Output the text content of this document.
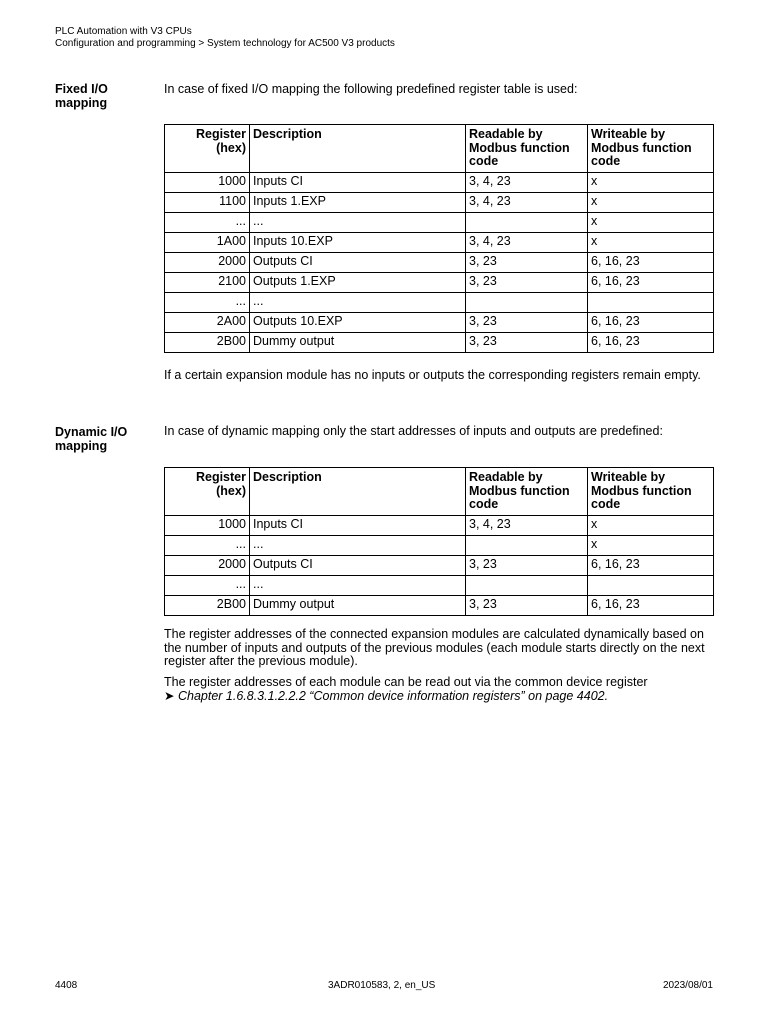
PLC Automation with V3 CPUs
Configuration and programming > System technology for AC500 V3 products
Fixed I/O
mapping

In case of fixed I/O mapping the following predefined register table is used:

Register
(hex)	Description	Readable by
Modbus function
code	Writeable by
Modbus function
code
1000	Inputs CI	3, 4, 23	x
1100	Inputs 1.EXP	3, 4, 23	x
...	...		x
1A00	Inputs 10.EXP	3, 4, 23	x
2000	Outputs CI	3, 23	6, 16, 23
2100	Outputs 1.EXP	3, 23	6, 16, 23
...	...		
2A00	Outputs 10.EXP	3, 23	6, 16, 23
2B00	Dummy output	3, 23	6, 16, 23

If a certain expansion module has no inputs or outputs the corresponding registers remain empty.

Dynamic I/O
mapping

In case of dynamic mapping only the start addresses of inputs and outputs are predefined:

Register
(hex)	Description	Readable by
Modbus function
code	Writeable by
Modbus function
code
1000	Inputs CI	3, 4, 23	x
...	...		x
2000	Outputs CI	3, 23	6, 16, 23
...	...		
2B00	Dummy output	3, 23	6, 16, 23

The register addresses of the connected expansion modules are calculated dynamically based on the number of inputs and outputs of the previous modules (each module starts directly on the next register after the previous module).

The register addresses of each module can be read out via the common device register
➤ Chapter 1.6.8.3.1.2.2.2 “Common device information registers” on page 4402.

4408	3ADR010583, 2, en_US	2023/08/01
